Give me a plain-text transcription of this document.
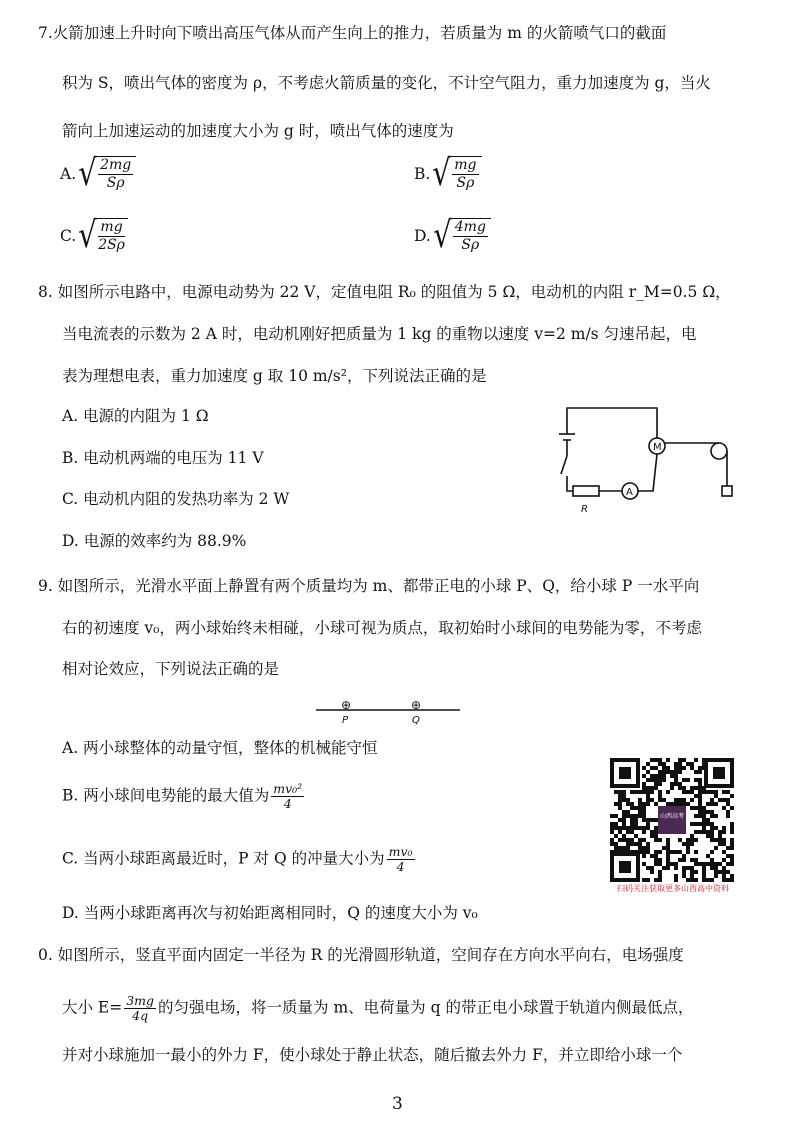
7.火箭加速上升时向下喷出高压气体从而产生向上的推力，若质量为 m 的火箭喷气口的截面
积为 S，喷出气体的密度为 ρ，不考虑火箭质量的变化，不计空气阻力，重力加速度为 g，当火
箭向上加速运动的加速度大小为 g 时，喷出气体的速度为
A. √
$\frac{2mg}{S\rho}$	B. √
$\frac{mg}{S\rho}$
C. √
$\frac{mg}{2S\rho}$	D. √
$\frac{4mg}{S\rho}$
8. 如图所示电路中，电源电动势为 22 V，定值电阻 R₀ 的阻值为 5 Ω，电动机的内阻 r_M=0.5 Ω，
当电流表的示数为 2 A 时，电动机刚好把质量为 1 kg 的重物以速度 v=2 m/s 匀速吊起，电
表为理想电表，重力加速度 g 取 10 m/s²，下列说法正确的是
A. 电源的内阻为 1 Ω
B. 电动机两端的电压为 11 V
C. 电动机内阻的发热功率为 2 W
D. 电源的效率约为 88.9%
M
A
R
9. 如图所示，光滑水平面上静置有两个质量均为 m、都带正电的小球 P、Q，给小球 P 一水平向
右的初速度 v₀，两小球始终未相碰，小球可视为质点，取初始时小球间的电势能为零，不考虑
相对论效应，下列说法正确的是
⊕	⊕
P	Q
A. 两小球整体的动量守恒，整体的机械能守恒
B. 两小球间电势能的最大值为 $\frac{\text{mv₀²}}{4}$
C. 当两小球距离最近时，P 对 Q 的冲量大小为 $\frac{\text{mv₀}}{4}$
D. 当两小球距离再次与初始距离相同时，Q 的速度大小为 v₀
山西高考
扫码关注获取更多山西高中资料
0. 如图所示，竖直平面内固定一半径为 R 的光滑圆形轨道，空间存在方向水平向右，电场强度
大小 $E= \frac{3mg}{4q}$ 的匀强电场，将一质量为 m、电荷量为 q 的带正电小球置于轨道内侧最低点，
并对小球施加一最小的外力 F，使小球处于静止状态，随后撤去外力 F，并立即给小球一个
3
